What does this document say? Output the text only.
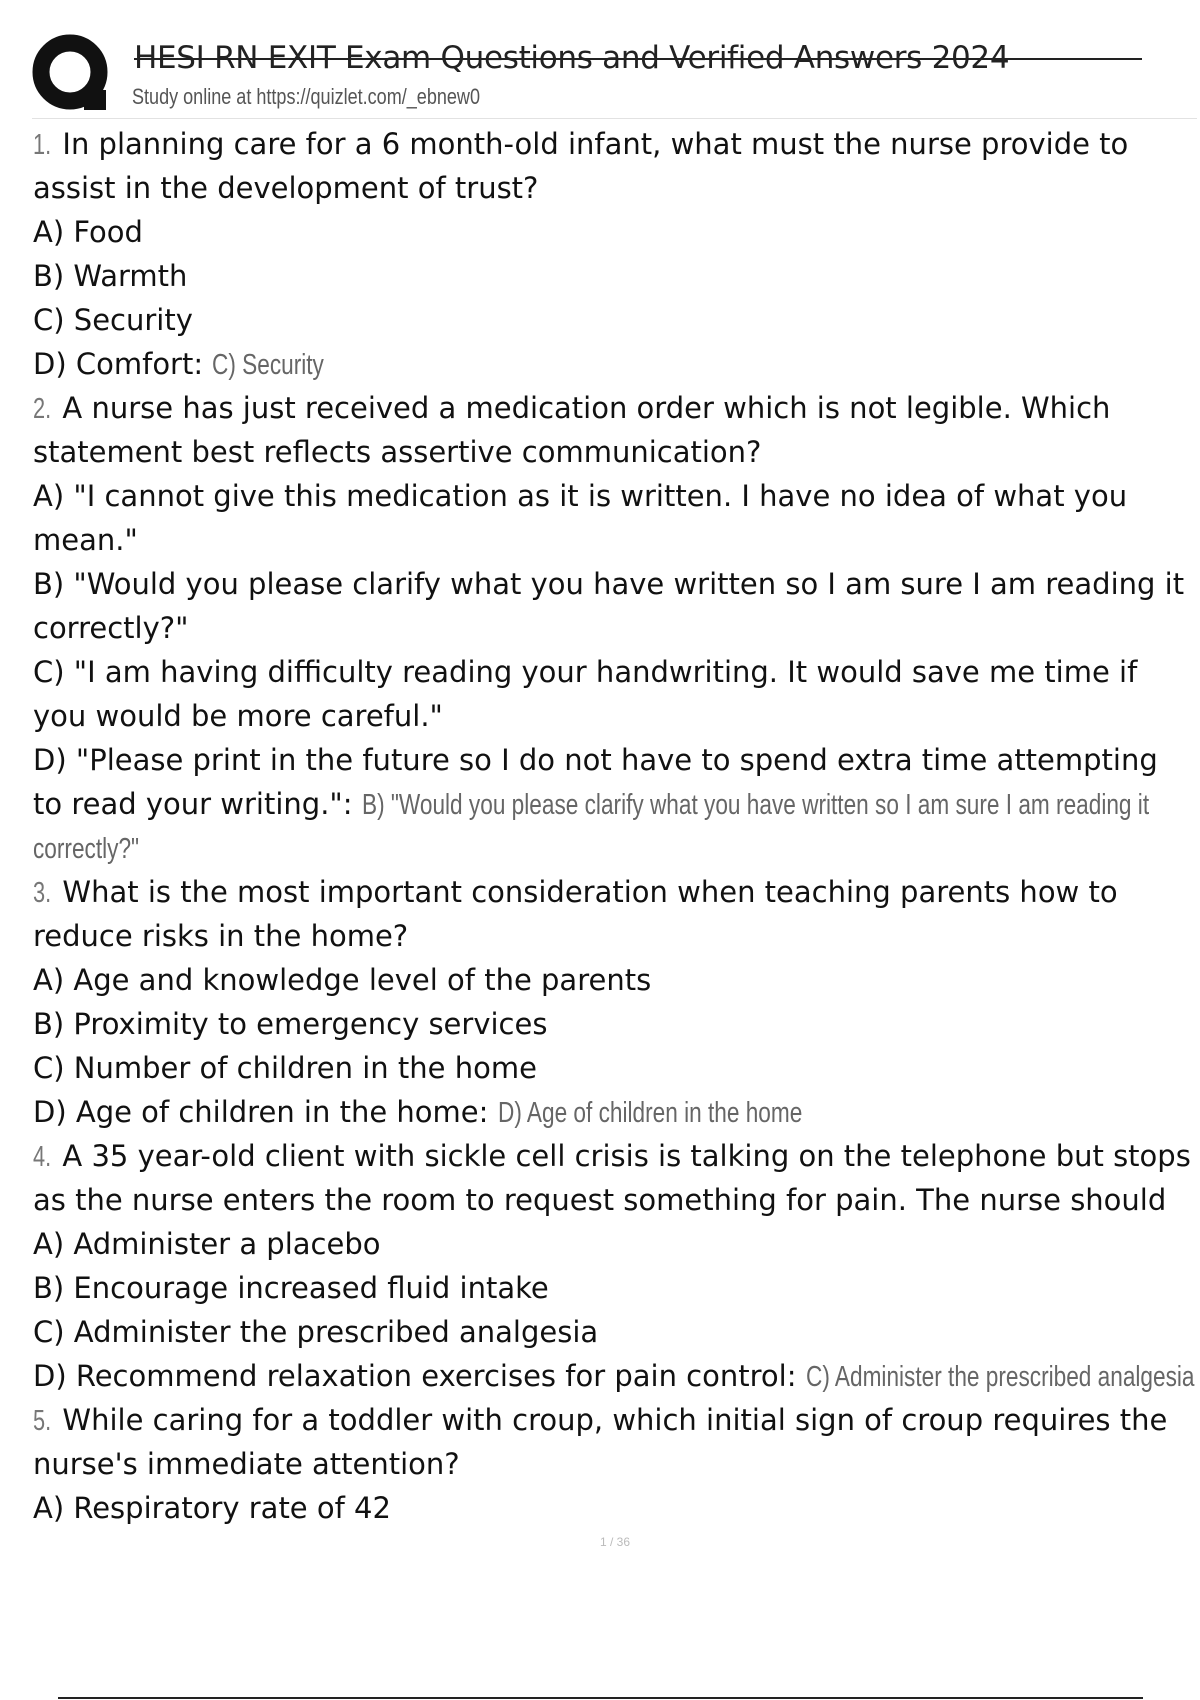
HESI RN EXIT Exam Questions and Verified Answers 2024
Study online at https://quizlet.com/_ebnew0
1. In planning care for a 6 month-old infant, what must the nurse provide to
assist in the development of trust?
A) Food
B) Warmth
C) Security
D) Comfort: C) Security
2. A nurse has just received a medication order which is not legible. Which
statement best reflects assertive communication?
A) "I cannot give this medication as it is written. I have no idea of what you
mean."
B) "Would you please clarify what you have written so I am sure I am reading it
correctly?"
C) "I am having difficulty reading your handwriting. It would save me time if
you would be more careful."
D) "Please print in the future so I do not have to spend extra time attempting
to read your writing.": B) "Would you please clarify what you have written so I am sure I am reading it
correctly?"
3. What is the most important consideration when teaching parents how to
reduce risks in the home?
A) Age and knowledge level of the parents
B) Proximity to emergency services
C) Number of children in the home
D) Age of children in the home: D) Age of children in the home
4. A 35 year-old client with sickle cell crisis is talking on the telephone but stops
as the nurse enters the room to request something for pain. The nurse should
A) Administer a placebo
B) Encourage increased fluid intake
C) Administer the prescribed analgesia
D) Recommend relaxation exercises for pain control: C) Administer the prescribed analgesia
5. While caring for a toddler with croup, which initial sign of croup requires the
nurse's immediate attention?
A) Respiratory rate of 42
1 / 36
